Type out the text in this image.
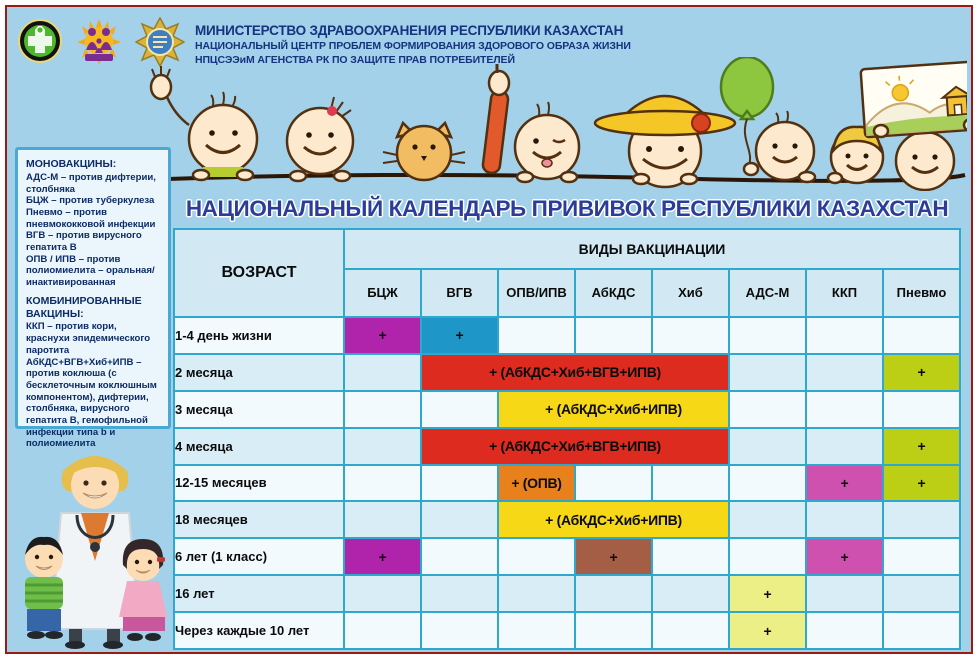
МИНИСТЕРСТВО ЗДРАВООХРАНЕНИЯ РЕСПУБЛИКИ КАЗАХСТАН
НАЦИОНАЛЬНЫЙ ЦЕНТР ПРОБЛЕМ ФОРМИРОВАНИЯ ЗДОРОВОГО ОБРАЗА ЖИЗНИ
НПЦСЭЭиМ АГЕНСТВА РК ПО ЗАЩИТЕ ПРАВ ПОТРЕБИТЕЛЕЙ
НАЦИОНАЛЬНЫЙ КАЛЕНДАРЬ ПРИВИВОК РЕСПУБЛИКИ КАЗАХСТАН
МОНОВАКЦИНЫ:
АДС-М – против дифтерии, столбняка
БЦЖ – против туберкулеза
Пневмо – против пневмококковой инфекции
ВГВ – против вирусного гепатита В
ОПВ / ИПВ – против полиомиелита – оральная/ инактивированная
КОМБИНИРОВАННЫЕ ВАКЦИНЫ:
ККП – против кори, краснухи эпидемического паротита
АбКДС+ВГВ+Хиб+ИПВ – против коклюша (с бесклеточным коклюшным компонентом), дифтерии, столбняка, вирусного гепатита В, гемофильной инфекции типа b и полиомиелита
ВОЗРАСТ	ВИДЫ ВАКЦИНАЦИИ							
	БЦЖ	ВГВ	ОПВ/ИПВ	АбКДС	Хиб	АДС-М	ККП	Пневмо
1-4 день жизни	+	+						
2 месяца		+ (АбКДС+Хиб+ВГВ+ИПВ)						+
3 месяца			+ (АбКДС+Хиб+ИПВ)					
4 месяца		+ (АбКДС+Хиб+ВГВ+ИПВ)						+
12-15 месяцев			+ (ОПВ)				+	+
18 месяцев			+ (АбКДС+Хиб+ИПВ)					
6 лет (1 класс)	+			+			+	
16 лет						+		
Через каждые 10 лет						+		
